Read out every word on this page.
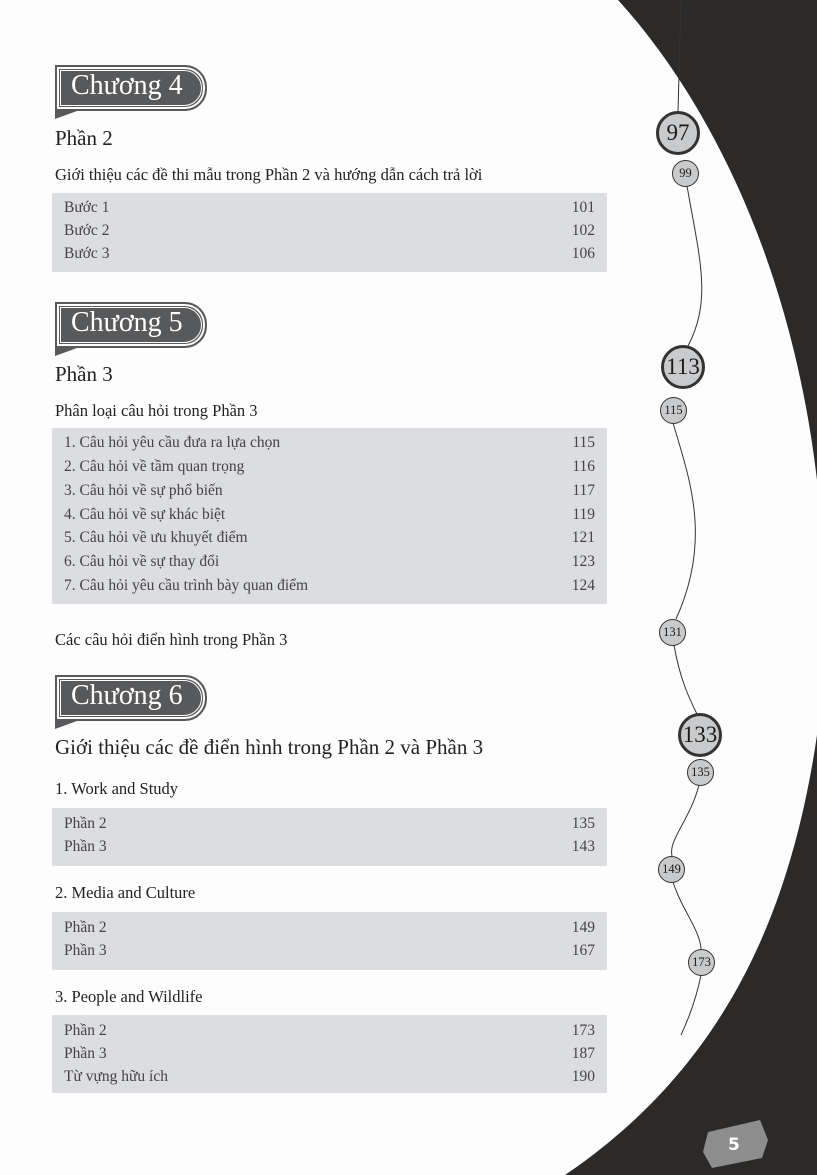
Chương 4
Phần 2
Giới thiệu các đề thi mẫu trong Phần 2 và hướng dẫn cách trả lời
Bước 1	101
Bước 2	102
Bước 3	106
Chương 5
Phần 3
Phân loại câu hỏi trong Phần 3
1. Câu hỏi yêu cầu đưa ra lựa chọn	115
2. Câu hỏi về tầm quan trọng	116
3. Câu hỏi về sự phổ biến	117
4. Câu hỏi về sự khác biệt	119
5. Câu hỏi về ưu khuyết điểm	121
6. Câu hỏi về sự thay đổi	123
7. Câu hỏi yêu cầu trình bày quan điểm	124
Các câu hỏi điển hình trong Phần 3
Chương 6
Giới thiệu các đề điển hình trong Phần 2 và Phần 3
1. Work and Study
Phần 2	135
Phần 3	143
2. Media and Culture
Phần 2	149
Phần 3	167
3. People and Wildlife
Phần 2	173
Phần 3	187
Từ vựng hữu ích	190
97
99
113
115
131
133
135
149
173
5
